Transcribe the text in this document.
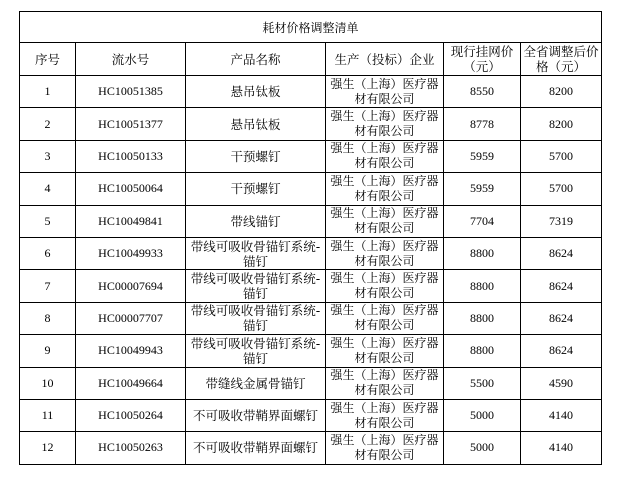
耗材价格调整清单					
序号	流水号	产品名称	生产（投标）企业	现行挂网价（元）	全省调整后价格（元）
1	HC10051385	悬吊钛板	强生（上海）医疗器材有限公司	8550	8200
2	HC10051377	悬吊钛板	强生（上海）医疗器材有限公司	8778	8200
3	HC10050133	干预螺钉	强生（上海）医疗器材有限公司	5959	5700
4	HC10050064	干预螺钉	强生（上海）医疗器材有限公司	5959	5700
5	HC10049841	带线锚钉	强生（上海）医疗器材有限公司	7704	7319
6	HC10049933	带线可吸收骨锚钉系统-锚钉	强生（上海）医疗器材有限公司	8800	8624
7	HC00007694	带线可吸收骨锚钉系统-锚钉	强生（上海）医疗器材有限公司	8800	8624
8	HC00007707	带线可吸收骨锚钉系统-锚钉	强生（上海）医疗器材有限公司	8800	8624
9	HC10049943	带线可吸收骨锚钉系统-锚钉	强生（上海）医疗器材有限公司	8800	8624
10	HC10049664	带缝线金属骨锚钉	强生（上海）医疗器材有限公司	5500	4590
11	HC10050264	不可吸收带鞘界面螺钉	强生（上海）医疗器材有限公司	5000	4140
12	HC10050263	不可吸收带鞘界面螺钉	强生（上海）医疗器材有限公司	5000	4140
